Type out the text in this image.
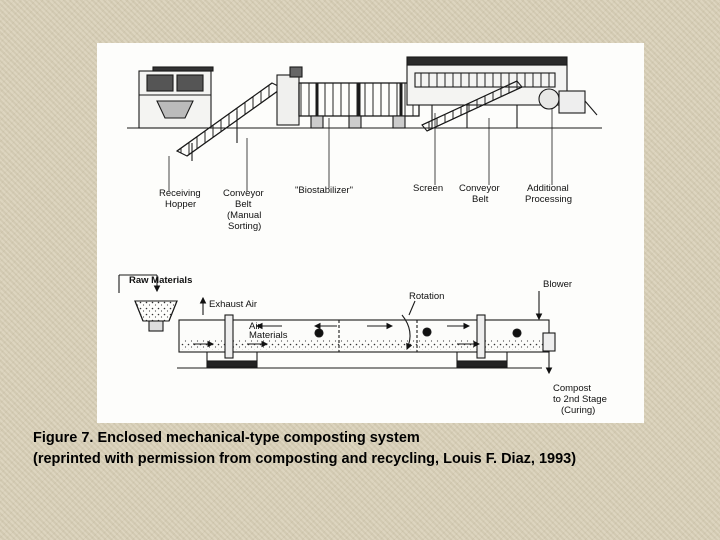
Receiving Hopper
Conveyor Belt (Manual Sorting)
"Biostabilizer"	Screen Conveyor Belt
Additional Processing
Raw Materials
Exhaust Air
Air
Materials
Rotation
Blower
Compost to 2nd Stage (Curing)
Figure 7. Enclosed mechanical-type composting system
(reprinted with permission from composting and recycling, Louis F. Diaz, 1993)
